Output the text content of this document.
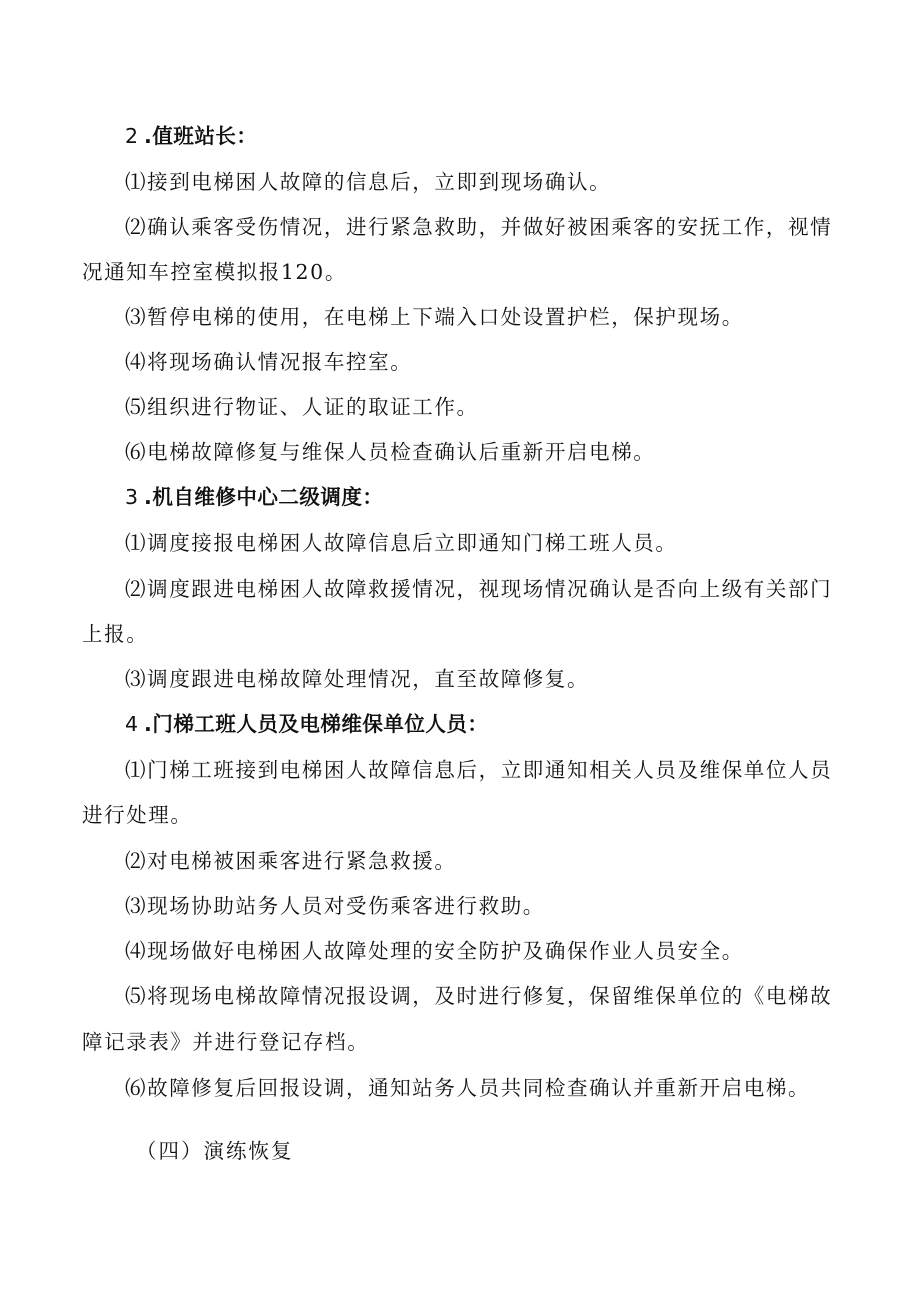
2.值班站长：
⑴接到电梯困人故障的信息后，立即到现场确认。
⑵确认乘客受伤情况，进行紧急救助，并做好被困乘客的安抚工作，视情
况通知车控室模拟报120。
⑶暂停电梯的使用，在电梯上下端入口处设置护栏，保护现场。
⑷将现场确认情况报车控室。
⑸组织进行物证、人证的取证工作。
⑹电梯故障修复与维保人员检查确认后重新开启电梯。
3.机自维修中心二级调度：
⑴调度接报电梯困人故障信息后立即通知门梯工班人员。
⑵调度跟进电梯困人故障救援情况，视现场情况确认是否向上级有关部门
上报。
⑶调度跟进电梯故障处理情况，直至故障修复。
4.门梯工班人员及电梯维保单位人员：
⑴门梯工班接到电梯困人故障信息后，立即通知相关人员及维保单位人员
进行处理。
⑵对电梯被困乘客进行紧急救援。
⑶现场协助站务人员对受伤乘客进行救助。
⑷现场做好电梯困人故障处理的安全防护及确保作业人员安全。
⑸将现场电梯故障情况报设调，及时进行修复，保留维保单位的《电梯故
障记录表》并进行登记存档。
⑹故障修复后回报设调，通知站务人员共同检查确认并重新开启电梯。
（四）演练恢复
